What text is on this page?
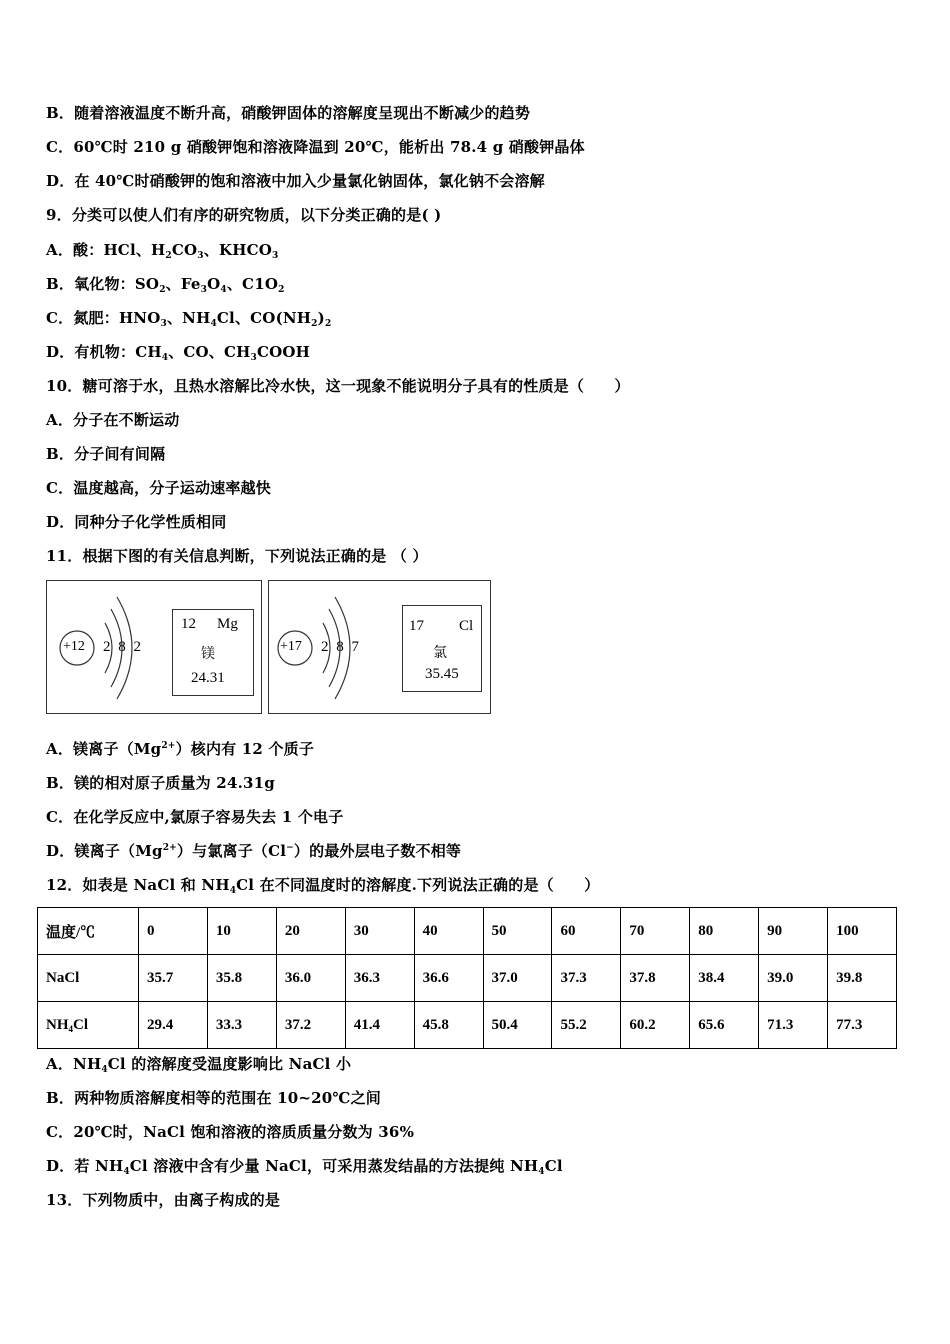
B．随着溶液温度不断升高，硝酸钾固体的溶解度呈现出不断减少的趋势
C．60℃时 210 g 硝酸钾饱和溶液降温到 20℃，能析出 78.4 g 硝酸钾晶体
D．在 40℃时硝酸钾的饱和溶液中加入少量氯化钠固体，氯化钠不会溶解
9．分类可以使人们有序的研究物质，以下分类正确的是( )
A．酸：HCl、$H_2CO_3$、$KHCO_3$
B．氧化物：$SO_2$、$Fe_3O_4$、$C1O_2$
C．氮肥：$HNO_3$、$NH_4Cl$、$CO(NH_2)_2$
D．有机物：$CH_4$、CO、$CH_3COOH$
10．糖可溶于水，且热水溶解比冷水快，这一现象不能说明分子具有的性质是（　　）
A．分子在不断运动
B．分子间有间隔
C．温度越高，分子运动速率越快
D．同种分子化学性质相同
11．根据下图的有关信息判断，下列说法正确的是 （ ）
+12 2 8 2
12 Mg
镁
24.31
+17 2 8 7
17 Cl
氯
35.45
A．镁离子$(Mg^{2+})$核内有 12 个质子
B．镁的相对原子质量为 24.31g
C．在化学反应中,氯原子容易失去 1 个电子
D．镁离子$(Mg^{2+})$与氯离子（Cl−）的最外层电子数不相等
12．如表是 NaCl 和 $NH_4Cl$ 在不同温度时的溶解度.下列说法正确的是（　　）
温度/℃	0	10	20	30	40	50	60	70	80	90	100
NaCl	35.7	35.8	36.0	36.3	36.6	37.0	37.3	37.8	38.4	39.0	39.8
$NH_4Cl$	29.4	33.3	37.2	41.4	45.8	50.4	55.2	60.2	65.6	71.3	77.3
A．$NH_4Cl$ 的溶解度受温度影响比 NaCl 小
B．两种物质溶解度相等的范围在 10~20℃之间
C．20℃时，NaCl 饱和溶液的溶质质量分数为 36%
D．若 $NH_4Cl$ 溶液中含有少量 NaCl，可采用蒸发结晶的方法提纯 $NH_4Cl$
13．下列物质中，由离子构成的是
